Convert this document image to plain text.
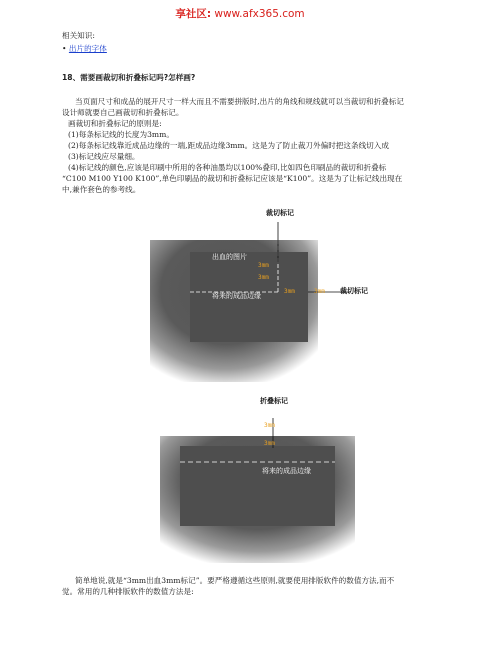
享社区: www.afx365.com
相关知识:
• 出片的字体
18、需要画裁切和折叠标记吗?怎样画?
当页面尺寸和成品的展开尺寸一样大而且不需要拼版时,出片的角线和规线就可以当裁切和折叠标记
设计师就要自己画裁切和折叠标记。
画裁切和折叠标记的原则是:
(1)每条标记线的长度为3mm。
(2)每条标记线靠近成品边缘的一端,距成品边缘3mm。这是为了防止裁刀外偏时把这条线切入成
(3)标记线应尽量细。
(4)标记线的颜色,应该是印刷中所用的各种油墨均以100%叠印,比如四色印刷品的裁切和折叠标
“C100 M100 Y100 K100”,单色印刷品的裁切和折叠标记应该是“K100”。这是为了让标记线出现在
中,兼作套色的参考线。
裁切标记
裁切标记
出血的图片
将来的成品边缘
3mm
3mm
3mm	3mm
折叠标记
出血的图片
将来的成品边缘
3mm
3mm
简单地说,就是“3mm出血3mm标记”。要严格遵循这些原则,就要使用排版软件的数值方法,而不
觉。常用的几种排版软件的数值方法是:
